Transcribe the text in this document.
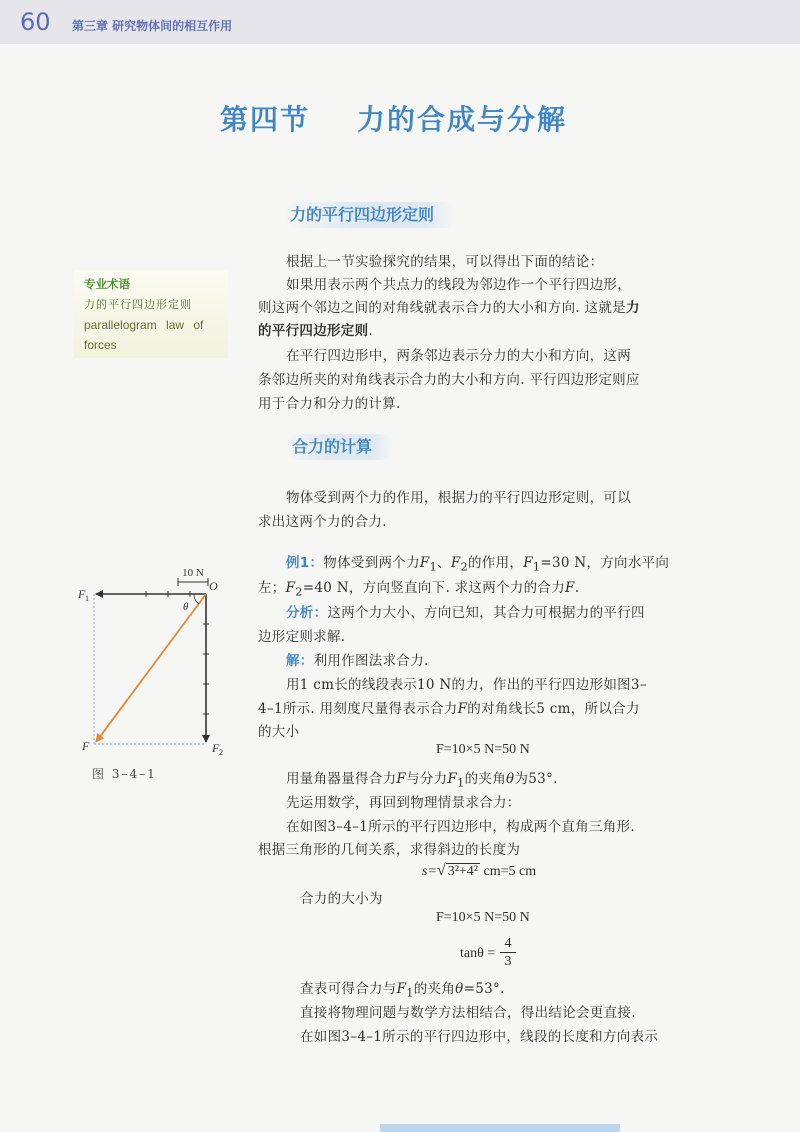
60 第三章 研究物体间的相互作用
第四节    力的合成与分解
力的平行四边形定则
专业术语
力的平行四边形定则
parallelogram law of forces
根据上一节实验探究的结果，可以得出下面的结论：
如果用表示两个共点力的线段为邻边作一个平行四边形，
则这两个邻边之间的对角线就表示合力的大小和方向. 这就是力
的平行四边形定则.
在平行四边形中，两条邻边表示分力的大小和方向，这两
条邻边所夹的对角线表示合力的大小和方向. 平行四边形定则应
用于合力和分力的计算.
合力的计算
物体受到两个力的作用，根据力的平行四边形定则，可以
求出这两个力的合力.
例1：物体受到两个力$F_1$、$F_2$的作用，$F_1=30$ N，方向水平向
左；$F_2=40$ N，方向竖直向下. 求这两个力的合力F.
分析：这两个力大小、方向已知，其合力可根据力的平行四
边形定则求解.
解：利用作图法求合力.
用1 cm长的线段表示10 N的力，作出的平行四边形如图3–
4–1所示. 用刻度尺量得表示合力F的对角线长5 cm，所以合力
的大小
F=10×5 N=50 N
用量角器量得合力F与分力$F_1$的夹角θ为53°.
先运用数学，再回到物理情景求合力：
在如图3–4–1所示的平行四边形中，构成两个直角三角形.
根据三角形的几何关系，求得斜边的长度为
s=√ 3²+4² cm=5 cm
合力的大小为
F=10×5 N=50 N
$\tan\theta = \frac{4}{3}$
查表可得合力与$F_1$的夹角θ=53°.
直接将物理问题与数学方法相结合，得出结论会更直接.
在如图3–4–1所示的平行四边形中，线段的长度和方向表示
10 N
F 1
O
θ
F	F 2
图 3–4–1
